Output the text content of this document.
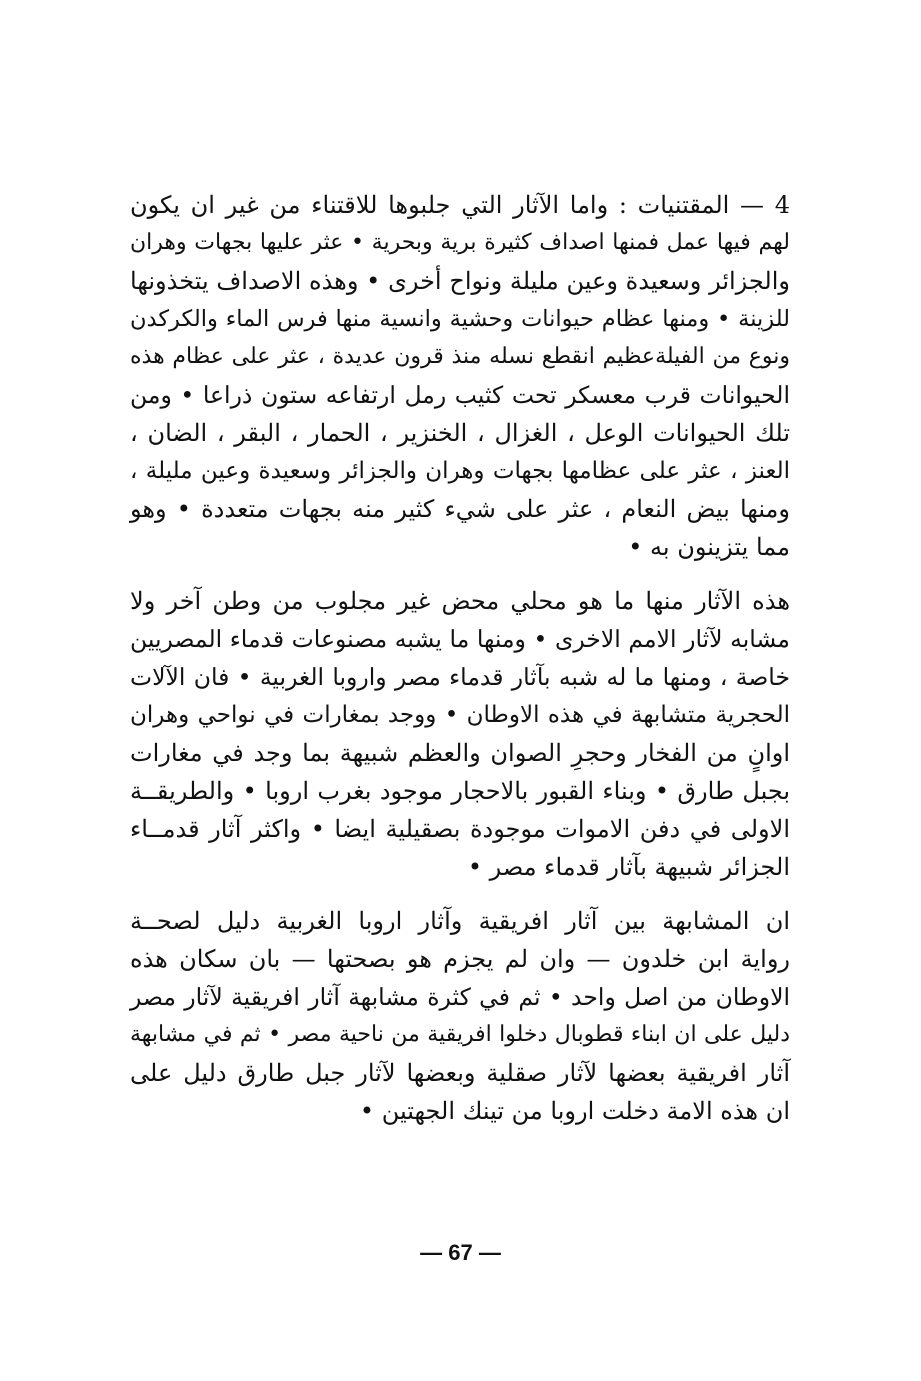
4 — المقتنيات : واما الآثار التي جلبوها للاقتناء من غير ان يكون
لهم فيها عمل فمنها اصداف كثيرة برية وبحرية • عثر عليها بجهات وهران
والجزائر وسعيدة وعين مليلة ونواح أخرى • وهذه الاصداف يتخذونها
للزينة • ومنها عظام حيوانات وحشية وانسية منها فرس الماء والكركدن
ونوع من الفيلةعظيم انقطع نسله منذ قرون عديدة ، عثر على عظام هذه
الحيوانات قرب معسكر تحت كثيب رمل ارتفاعه ستون ذراعا • ومن
تلك الحيوانات الوعل ، الغزال ، الخنزير ، الحمار ، البقر ، الضان ،
العنز ، عثر على عظامها بجهات وهران والجزائر وسعيدة وعين مليلة ،
ومنها بيض النعام ، عثر على شيء كثير منه بجهات متعددة • وهو
مما يتزينون به •
هذه الآثار منها ما هو محلي محض غير مجلوب من وطن آخر ولا
مشابه لآثار الامم الاخرى • ومنها ما يشبه مصنوعات قدماء المصريين
خاصة ، ومنها ما له شبه بآثار قدماء مصر واروبا الغربية • فان الآلات
الحجرية متشابهة في هذه الاوطان • ووجد بمغارات في نواحي وهران
اوانٍ من الفخار وحجرِ الصوان والعظم شبيهة بما وجد في مغارات
بجبل طارق • وبناء القبور بالاحجار موجود بغرب اروبا • والطريقــة
الاولى في دفن الاموات موجودة بصقيلية ايضا • واكثر آثار قدمــاء
الجزائر شبيهة بآثار قدماء مصر •
ان المشابهة بين آثار افريقية وآثار اروبا الغربية دليل لصحــة
رواية ابن خلدون — وان لم يجزم هو بصحتها — بان سكان هذه
الاوطان من اصل واحد • ثم في كثرة مشابهة آثار افريقية لآثار مصر
دليل على ان ابناء قطوبال دخلوا افريقية من ناحية مصر • ثم في مشابهة
آثار افريقية بعضها لآثار صقلية وبعضها لآثار جبل طارق دليل على
ان هذه الامة دخلت اروبا من تينك الجهتين •
— 67 —
